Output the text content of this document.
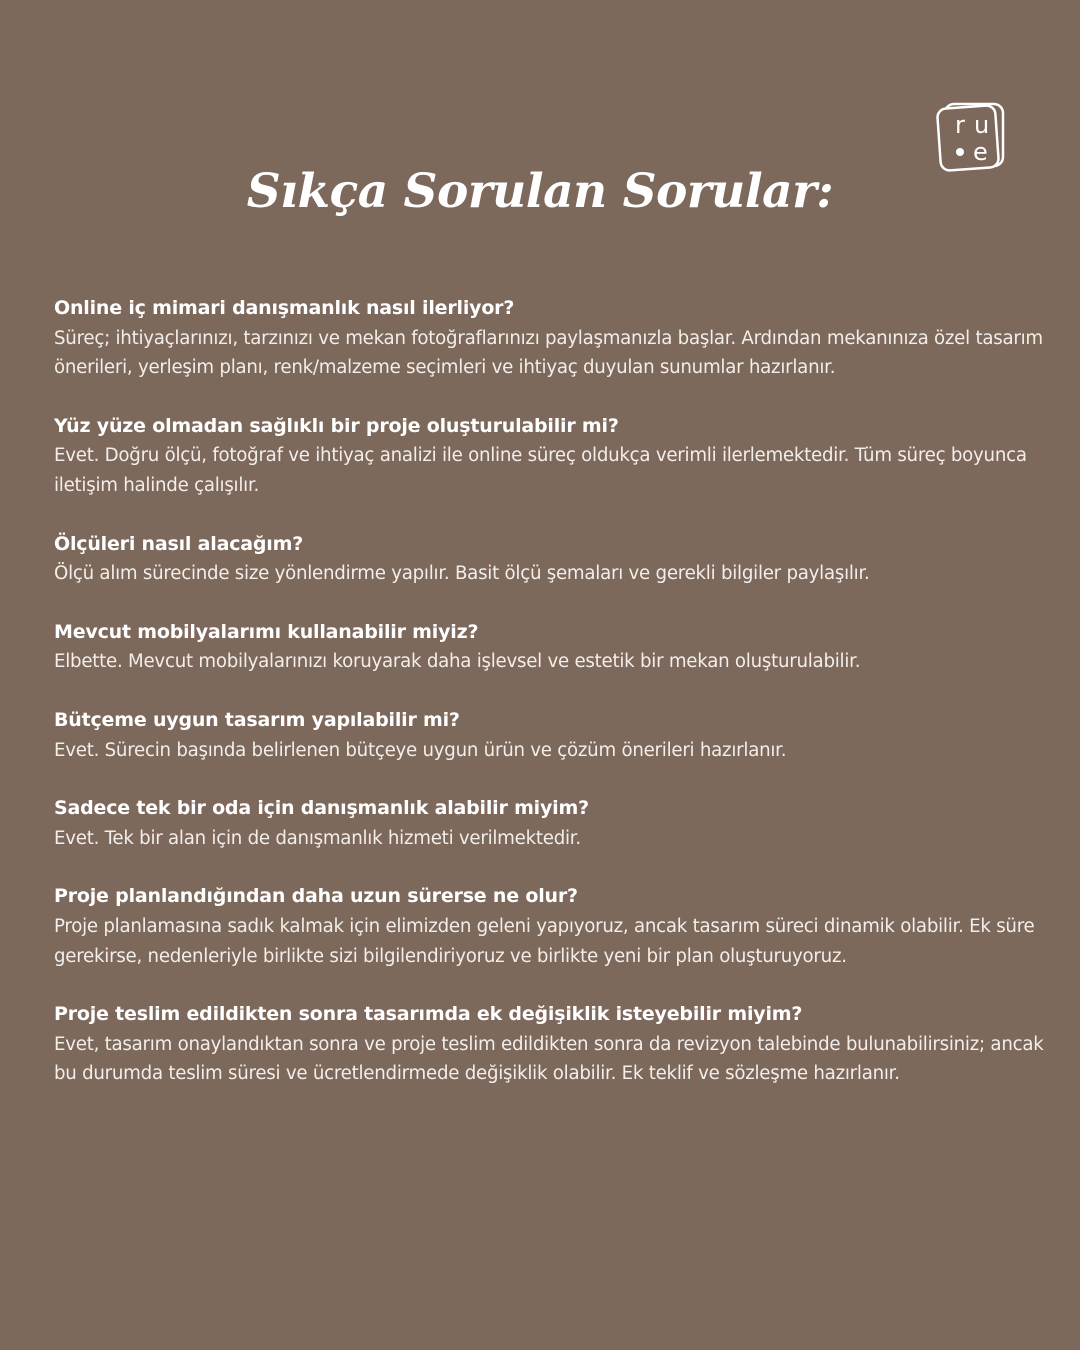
r u
e
Sıkça Sorulan Sorular:

Online iç mimari danışmanlık nasıl ilerliyor?

Süreç; ihtiyaçlarınızı, tarzınızı ve mekan fotoğraflarınızı paylaşmanızla başlar. Ardından mekanınıza özel tasarım önerileri, yerleşim planı, renk/malzeme seçimleri ve ihtiyaç duyulan sunumlar hazırlanır.

Yüz yüze olmadan sağlıklı bir proje oluşturulabilir mi?

Evet. Doğru ölçü, fotoğraf ve ihtiyaç analizi ile online süreç oldukça verimli ilerlemektedir. Tüm süreç boyunca iletişim halinde çalışılır.

Ölçüleri nasıl alacağım?

Ölçü alım sürecinde size yönlendirme yapılır. Basit ölçü şemaları ve gerekli bilgiler paylaşılır.

Mevcut mobilyalarımı kullanabilir miyiz?

Elbette. Mevcut mobilyalarınızı koruyarak daha işlevsel ve estetik bir mekan oluşturulabilir.

Bütçeme uygun tasarım yapılabilir mi?

Evet. Sürecin başında belirlenen bütçeye uygun ürün ve çözüm önerileri hazırlanır.

Sadece tek bir oda için danışmanlık alabilir miyim?

Evet. Tek bir alan için de danışmanlık hizmeti verilmektedir.

Proje planlandığından daha uzun sürerse ne olur?

Proje planlamasına sadık kalmak için elimizden geleni yapıyoruz, ancak tasarım süreci dinamik olabilir. Ek süre gerekirse, nedenleriyle birlikte sizi bilgilendiriyoruz ve birlikte yeni bir plan oluşturuyoruz.

Proje teslim edildikten sonra tasarımda ek değişiklik isteyebilir miyim?

Evet, tasarım onaylandıktan sonra ve proje teslim edildikten sonra da revizyon talebinde bulunabilirsiniz; ancak bu durumda teslim süresi ve ücretlendirmede değişiklik olabilir. Ek teklif ve sözleşme hazırlanır.
